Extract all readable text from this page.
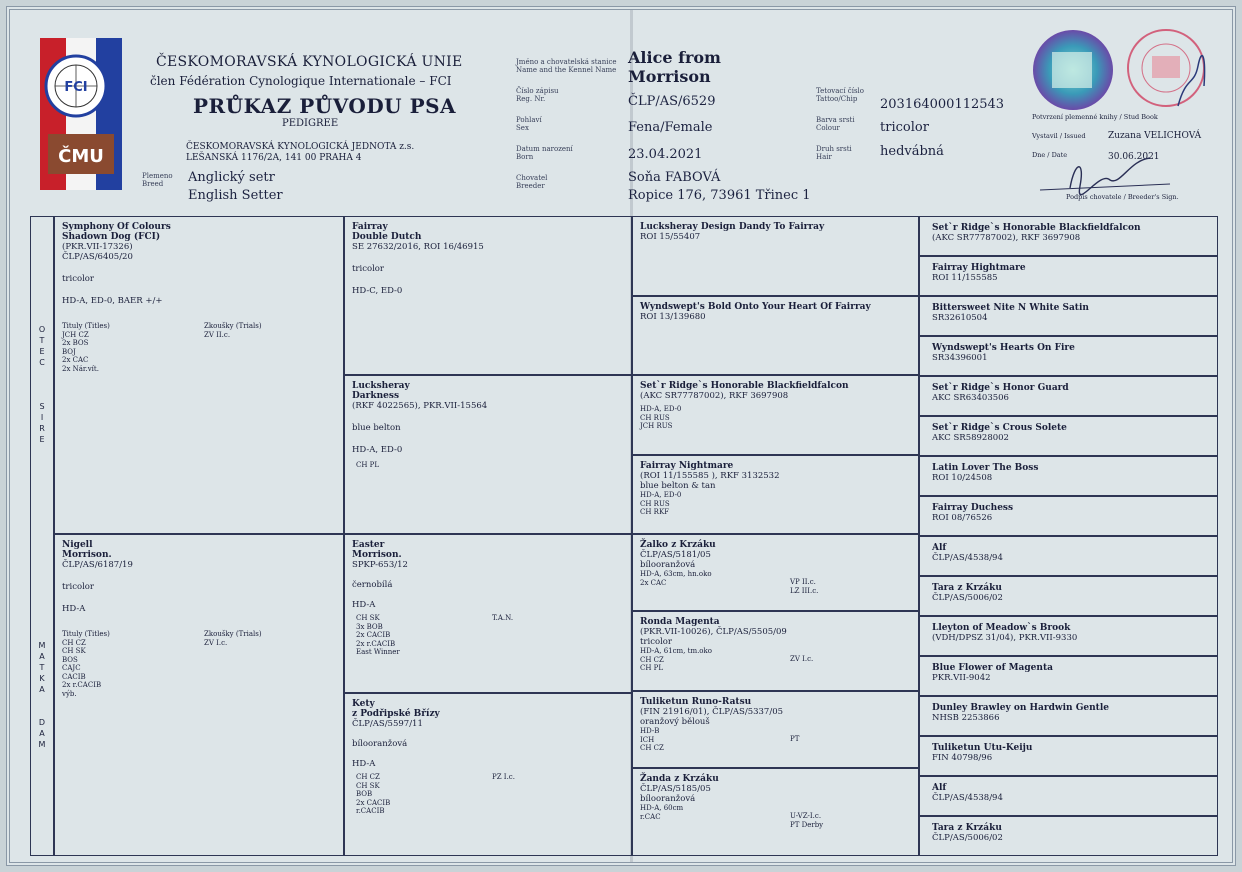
FCI
ČMU
ČESKOMORAVSKÁ KYNOLOGICKÁ UNIE
člen Fédération Cynologique Internationale – FCI
PRŮKAZ PŮVODU PSA
PEDIGREE
ČESKOMORAVSKÁ KYNOLOGICKÁ JEDNOTA z.s.
LEŠANSKÁ 1176/2A, 141 00 PRAHA 4
Plemeno
Breed	Anglický setr
English Setter
Jméno a chovatelská stanice
Name and the Kennel Name
Alice from
Morrison
Číslo zápisu
Reg. Nr.	ČLP/AS/6529
Pohlaví
Sex	Fena/Female
Datum narození
Born	23.04.2021
Chovatel
Breeder
Soňa FABOVÁ
Ropice 176, 73961 Třinec 1
Tetovací číslo
Tattoo/Chip	203164000112543
Barva srsti
Colour	tricolor
Druh srsti
Hair	hedvábná
Potvrzení plemenné knihy / Stud Book
Vystavil / Issued Zuzana VELICHOVÁ
Dne / Date	30.06.2021
Podpis chovatele / Breeder's Sign.
O
T
E
C

S
I
R
E
M
A
T
K
A

D
A
M
Symphony Of Colours
Shadown Dog (FCI)
(PKR.VII-17326)
ČLP/AS/6405/20
tricolor
HD-A, ED-0, BAER +/+
Tituly (Titles)
JCH CZ
2x BOS
BOJ
2x CAC
2x Nár.vít.
Zkoušky (Trials)
ZV II.c.
Nigell
Morrison.
ČLP/AS/6187/19
tricolor
HD-A
Tituly (Titles)
CH CZ
CH SK
BOS
CAJC
CACIB
2x r.CACIB
výb.
Zkoušky (Trials)
ZV I.c.
Fairray
Double Dutch
SE 27632/2016, ROI 16/46915
tricolor
HD-C, ED-0
Lucksheray
Darkness
(RKF 4022565), PKR.VII-15564
blue belton
HD-A, ED-0
CH PL
Easter
Morrison.
SPKP-653/12
černobílá
HD-A
CH SK
3x BOB
2x CACIB
2x r.CACIB
East Winner
T.A.N.
Kety
z Podřipské Břízy
ČLP/AS/5597/11
bílooranžová
HD-A
CH CZ
CH SK
BOB
2x CACIB
r.CACIB
PZ I.c.
Lucksheray Design Dandy To Fairray
ROI 15/55407
Wyndswept's Bold Onto Your Heart Of Fairray
ROI 13/139680
Set`r Ridge`s Honorable Blackfieldfalcon
(AKC SR77787002), RKF 3697908
HD-A, ED-0
CH RUS
JCH RUS
Fairray Nightmare
(ROI 11/155585 ), RKF 3132532
blue belton & tan
HD-A, ED-0
CH RUS
CH RKF
Žalko z Krzáku
ČLP/AS/5181/05
bílooranžová
HD-A, 63cm, hn.oko
2x CAC	VP II.c.
LZ III.c.
Ronda Magenta
(PKR.VII-10026), ČLP/AS/5505/09
tricolor
HD-A, 61cm, tm.oko
CH CZ
CH PL
ZV I.c.
Tuliketun Runo-Ratsu
(FIN 21916/01), ČLP/AS/5337/05
oranžový bělouš
HD-B
ICH
CH CZ
PT
Žanda z Krzáku
ČLP/AS/5185/05
bílooranžová
HD-A, 60cm
r.CAC	U-VZ-I.c.
PT Derby
Set`r Ridge`s Honorable Blackfieldfalcon
(AKC SR77787002), RKF 3697908
Fairray Hightmare
ROI 11/155585
Bittersweet Nite N White Satin
SR32610504
Wyndswept's Hearts On Fire
SR34396001
Set`r Ridge`s Honor Guard
AKC SR63403506
Set`r Ridge`s Crous Solete
AKC SR58928002
Latin Lover The Boss
ROI 10/24508
Fairray Duchess
ROI 08/76526
Alf
ČLP/AS/4538/94
Tara z Krzáku
ČLP/AS/5006/02
Lleyton of Meadow`s Brook
(VDH/DPSZ 31/04), PKR.VII-9330
Blue Flower of Magenta
PKR.VII-9042
Dunley Brawley on Hardwin Gentle
NHSB 2253866
Tuliketun Utu-Keiju
FIN 40798/96
Alf
ČLP/AS/4538/94
Tara z Krzáku
ČLP/AS/5006/02
